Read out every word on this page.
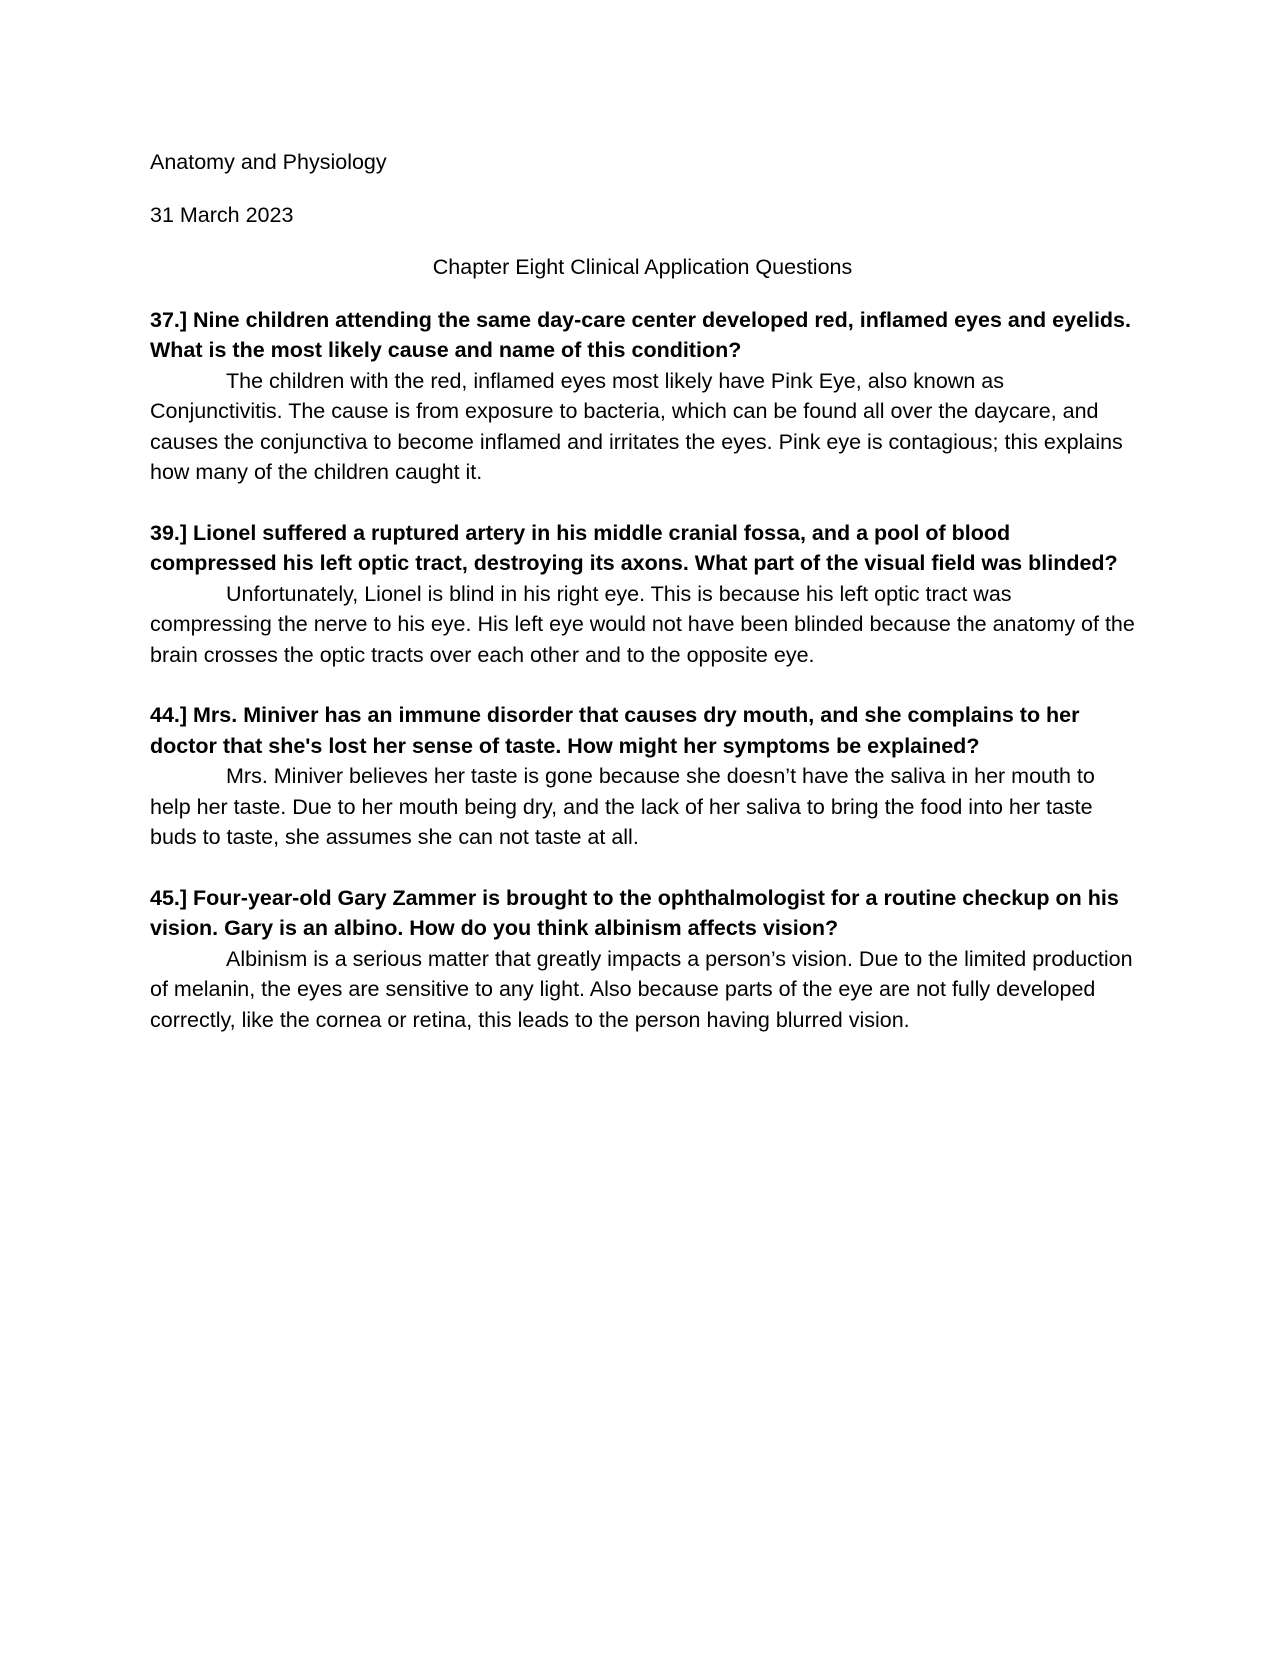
Anatomy and Physiology

31 March 2023

Chapter Eight Clinical Application Questions

37.] Nine children attending the same day-care center developed red, inflamed eyes and eyelids. What is the most likely cause and name of this condition?

The children with the red, inflamed eyes most likely have Pink Eye, also known as Conjunctivitis. The cause is from exposure to bacteria, which can be found all over the daycare, and causes the conjunctiva to become inflamed and irritates the eyes. Pink eye is contagious; this explains how many of the children caught it.

39.] Lionel suffered a ruptured artery in his middle cranial fossa, and a pool of blood compressed his left optic tract, destroying its axons. What part of the visual field was blinded?

Unfortunately, Lionel is blind in his right eye. This is because his left optic tract was compressing the nerve to his eye. His left eye would not have been blinded because the anatomy of the brain crosses the optic tracts over each other and to the opposite eye.

44.] Mrs. Miniver has an immune disorder that causes dry mouth, and she complains to her doctor that she's lost her sense of taste. How might her symptoms be explained?

Mrs. Miniver believes her taste is gone because she doesn’t have the saliva in her mouth to help her taste. Due to her mouth being dry, and the lack of her saliva to bring the food into her taste buds to taste, she assumes she can not taste at all.

45.] Four-year-old Gary Zammer is brought to the ophthalmologist for a routine checkup on his vision. Gary is an albino. How do you think albinism affects vision?

Albinism is a serious matter that greatly impacts a person’s vision. Due to the limited production of melanin, the eyes are sensitive to any light. Also because parts of the eye are not fully developed correctly, like the cornea or retina, this leads to the person having blurred vision.
